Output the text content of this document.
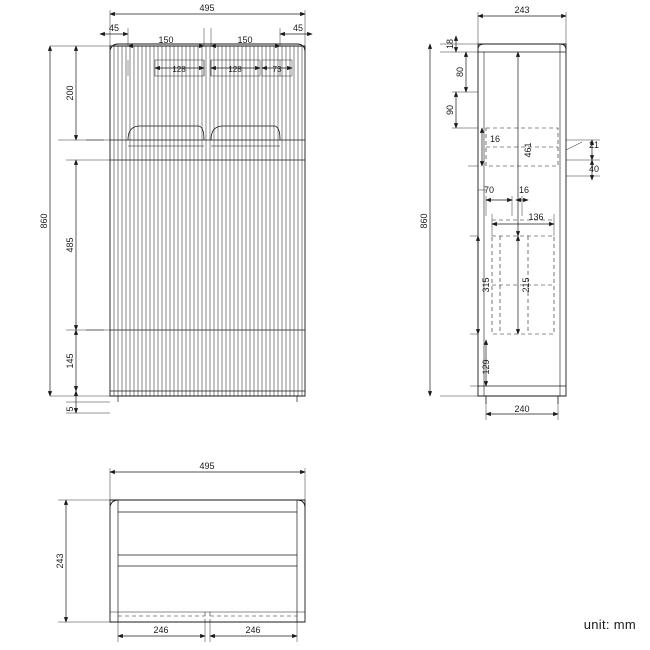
495
45	45
150	150
128	128	73
860
200
485
145
5
243
860
18
80
90
16
461	21
40
70	16
136
315	215
129
240
495
243
246	246	unit: mm
